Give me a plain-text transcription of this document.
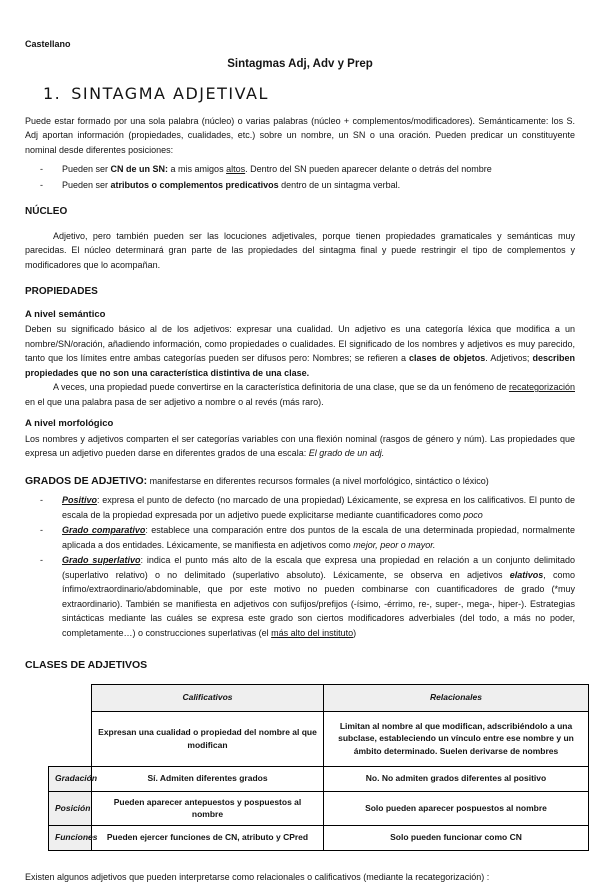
Castellano
Sintagmas Adj, Adv y Prep
1. SINTAGMA ADJETIVAL

Puede estar formado por una sola palabra (núcleo) o varias palabras (núcleo + complementos/modificadores). Semánticamente: los S. Adj aportan información (propiedades, cualidades, etc.) sobre un nombre, un SN o una oración. Pueden predicar un constituyente nominal desde diferentes posiciones:

-	Pueden ser CN de un SN: a mis amigos altos. Dentro del SN pueden aparecer delante o detrás del nombre
-	Pueden ser atributos o complementos predicativos dentro de un sintagma verbal.
NÚCLEO

Adjetivo, pero también pueden ser las locuciones adjetivales, porque tienen propiedades gramaticales y semánticas muy parecidas. El núcleo determinará gran parte de las propiedades del sintagma final y puede restringir el tipo de complementos y modificadores que lo acompañan.

PROPIEDADES
A nivel semántico

Deben su significado básico al de los adjetivos: expresar una cualidad. Un adjetivo es una categoría léxica que modifica a un nombre/SN/oración, añadiendo información, como propiedades o cualidades. El significado de los nombres y adjetivos es muy parecido, tanto que los límites entre ambas categorías pueden ser difusos pero: Nombres; se refieren a clases de objetos. Adjetivos; describen propiedades que no son una característica distintiva de una clase.

A veces, una propiedad puede convertirse en la característica definitoria de una clase, que se da un fenómeno de recategorización en el que una palabra pasa de ser adjetivo a nombre o al revés (más raro).

A nivel morfológico

Los nombres y adjetivos comparten el ser categorías variables con una flexión nominal (rasgos de género y núm). Las propiedades que expresa un adjetivo pueden darse en diferentes grados de una escala: El grado de un adj.

GRADOS DE ADJETIVO: manifestarse en diferentes recursos formales (a nivel morfológico, sintáctico o léxico)

-	Positivo: expresa el punto de defecto (no marcado de una propiedad) Léxicamente, se expresa en los calificativos. El punto de escala de la propiedad expresada por un adjetivo puede explicitarse mediante cuantificadores como poco
-	Grado comparativo: establece una comparación entre dos puntos de la escala de una determinada propiedad, normalmente aplicada a dos entidades. Léxicamente, se manifiesta en adjetivos como mejor, peor o mayor.
-	Grado superlativo: indica el punto más alto de la escala que expresa una propiedad en relación a un conjunto delimitado (superlativo relativo) o no delimitado (superlativo absoluto). Léxicamente, se observa en adjetivos elativos, como ínfimo/extraordinario/abdominable, que por este motivo no pueden combinarse con cuantificadores de grado (*muy extraordinario). También se manifiesta en adjetivos con sufijos/prefijos (-ísimo, -érrimo, re-, super-, mega-, hiper-). Estrategias sintácticas mediante las cuáles se expresa este grado son ciertos modificadores adverbiales (del todo, a más no poder, completamente…) o construcciones superlativas (el más alto del instituto)
CLASES DE ADJETIVOS
	Calificativos	Relacionales
	Expresan una cualidad o propiedad del nombre al que modifican	Limitan al nombre al que modifican, adscribiéndolo a una subclase, estableciendo un vínculo entre ese nombre y un ámbito determinado. Suelen derivarse de nombres
Gradación	Sí. Admiten diferentes grados	No. No admiten grados diferentes al positivo
Posición	Pueden aparecer antepuestos y pospuestos al nombre	Solo pueden aparecer pospuestos al nombre
Funciones	Pueden ejercer funciones de CN, atributo y CPred	Solo pueden funcionar como CN

Existen algunos adjetivos que pueden interpretarse como relacionales o calificativos (mediante la recategorización) :
